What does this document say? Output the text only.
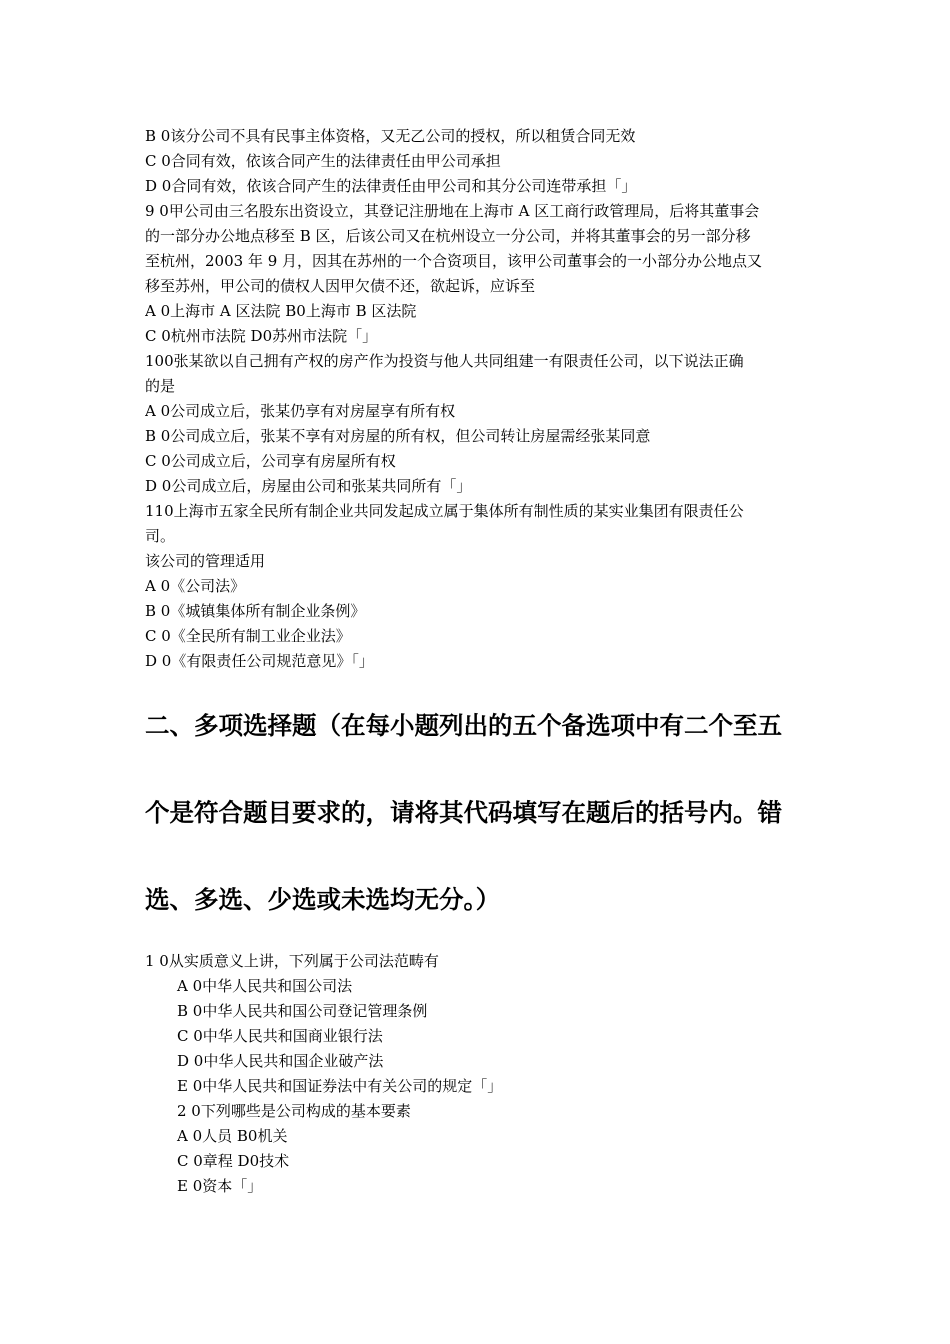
B 0该分公司不具有民事主体资格，又无乙公司的授权，所以租赁合同无效
C 0合同有效，依该合同产生的法律责任由甲公司承担
D 0合同有效，依该合同产生的法律责任由甲公司和其分公司连带承担「」
9 0甲公司由三名股东出资设立，其登记注册地在上海市 A 区工商行政管理局，后将其董事会
的一部分办公地点移至 B 区，后该公司又在杭州设立一分公司，并将其董事会的另一部分移
至杭州，2003 年 9 月，因其在苏州的一个合资项目，该甲公司董事会的一小部分办公地点又
移至苏州，甲公司的债权人因甲欠债不还，欲起诉，应诉至
A 0上海市 A 区法院 B0上海市 B 区法院
C 0杭州市法院 D0苏州市法院「」
100张某欲以自己拥有产权的房产作为投资与他人共同组建一有限责任公司，以下说法正确
的是
A 0公司成立后，张某仍享有对房屋享有所有权
B 0公司成立后，张某不享有对房屋的所有权，但公司转让房屋需经张某同意
C 0公司成立后，公司享有房屋所有权
D 0公司成立后，房屋由公司和张某共同所有「」
110上海市五家全民所有制企业共同发起成立属于集体所有制性质的某实业集团有限责任公
司。
该公司的管理适用
A 0《公司法》
B 0《城镇集体所有制企业条例》
C 0《全民所有制工业企业法》
D 0《有限责任公司规范意见》「」
二、多项选择题（在每小题列出的五个备选项中有二个至五
个是符合题目要求的，请将其代码填写在题后的括号内。错
选、多选、少选或未选均无分。）
1 0从实质意义上讲，下列属于公司法范畴有
A 0中华人民共和国公司法
B 0中华人民共和国公司登记管理条例
C 0中华人民共和国商业银行法
D 0中华人民共和国企业破产法
E 0中华人民共和国证券法中有关公司的规定「」
2 0下列哪些是公司构成的基本要素
A 0人员 B0机关
C 0章程 D0技术
E 0资本「」
